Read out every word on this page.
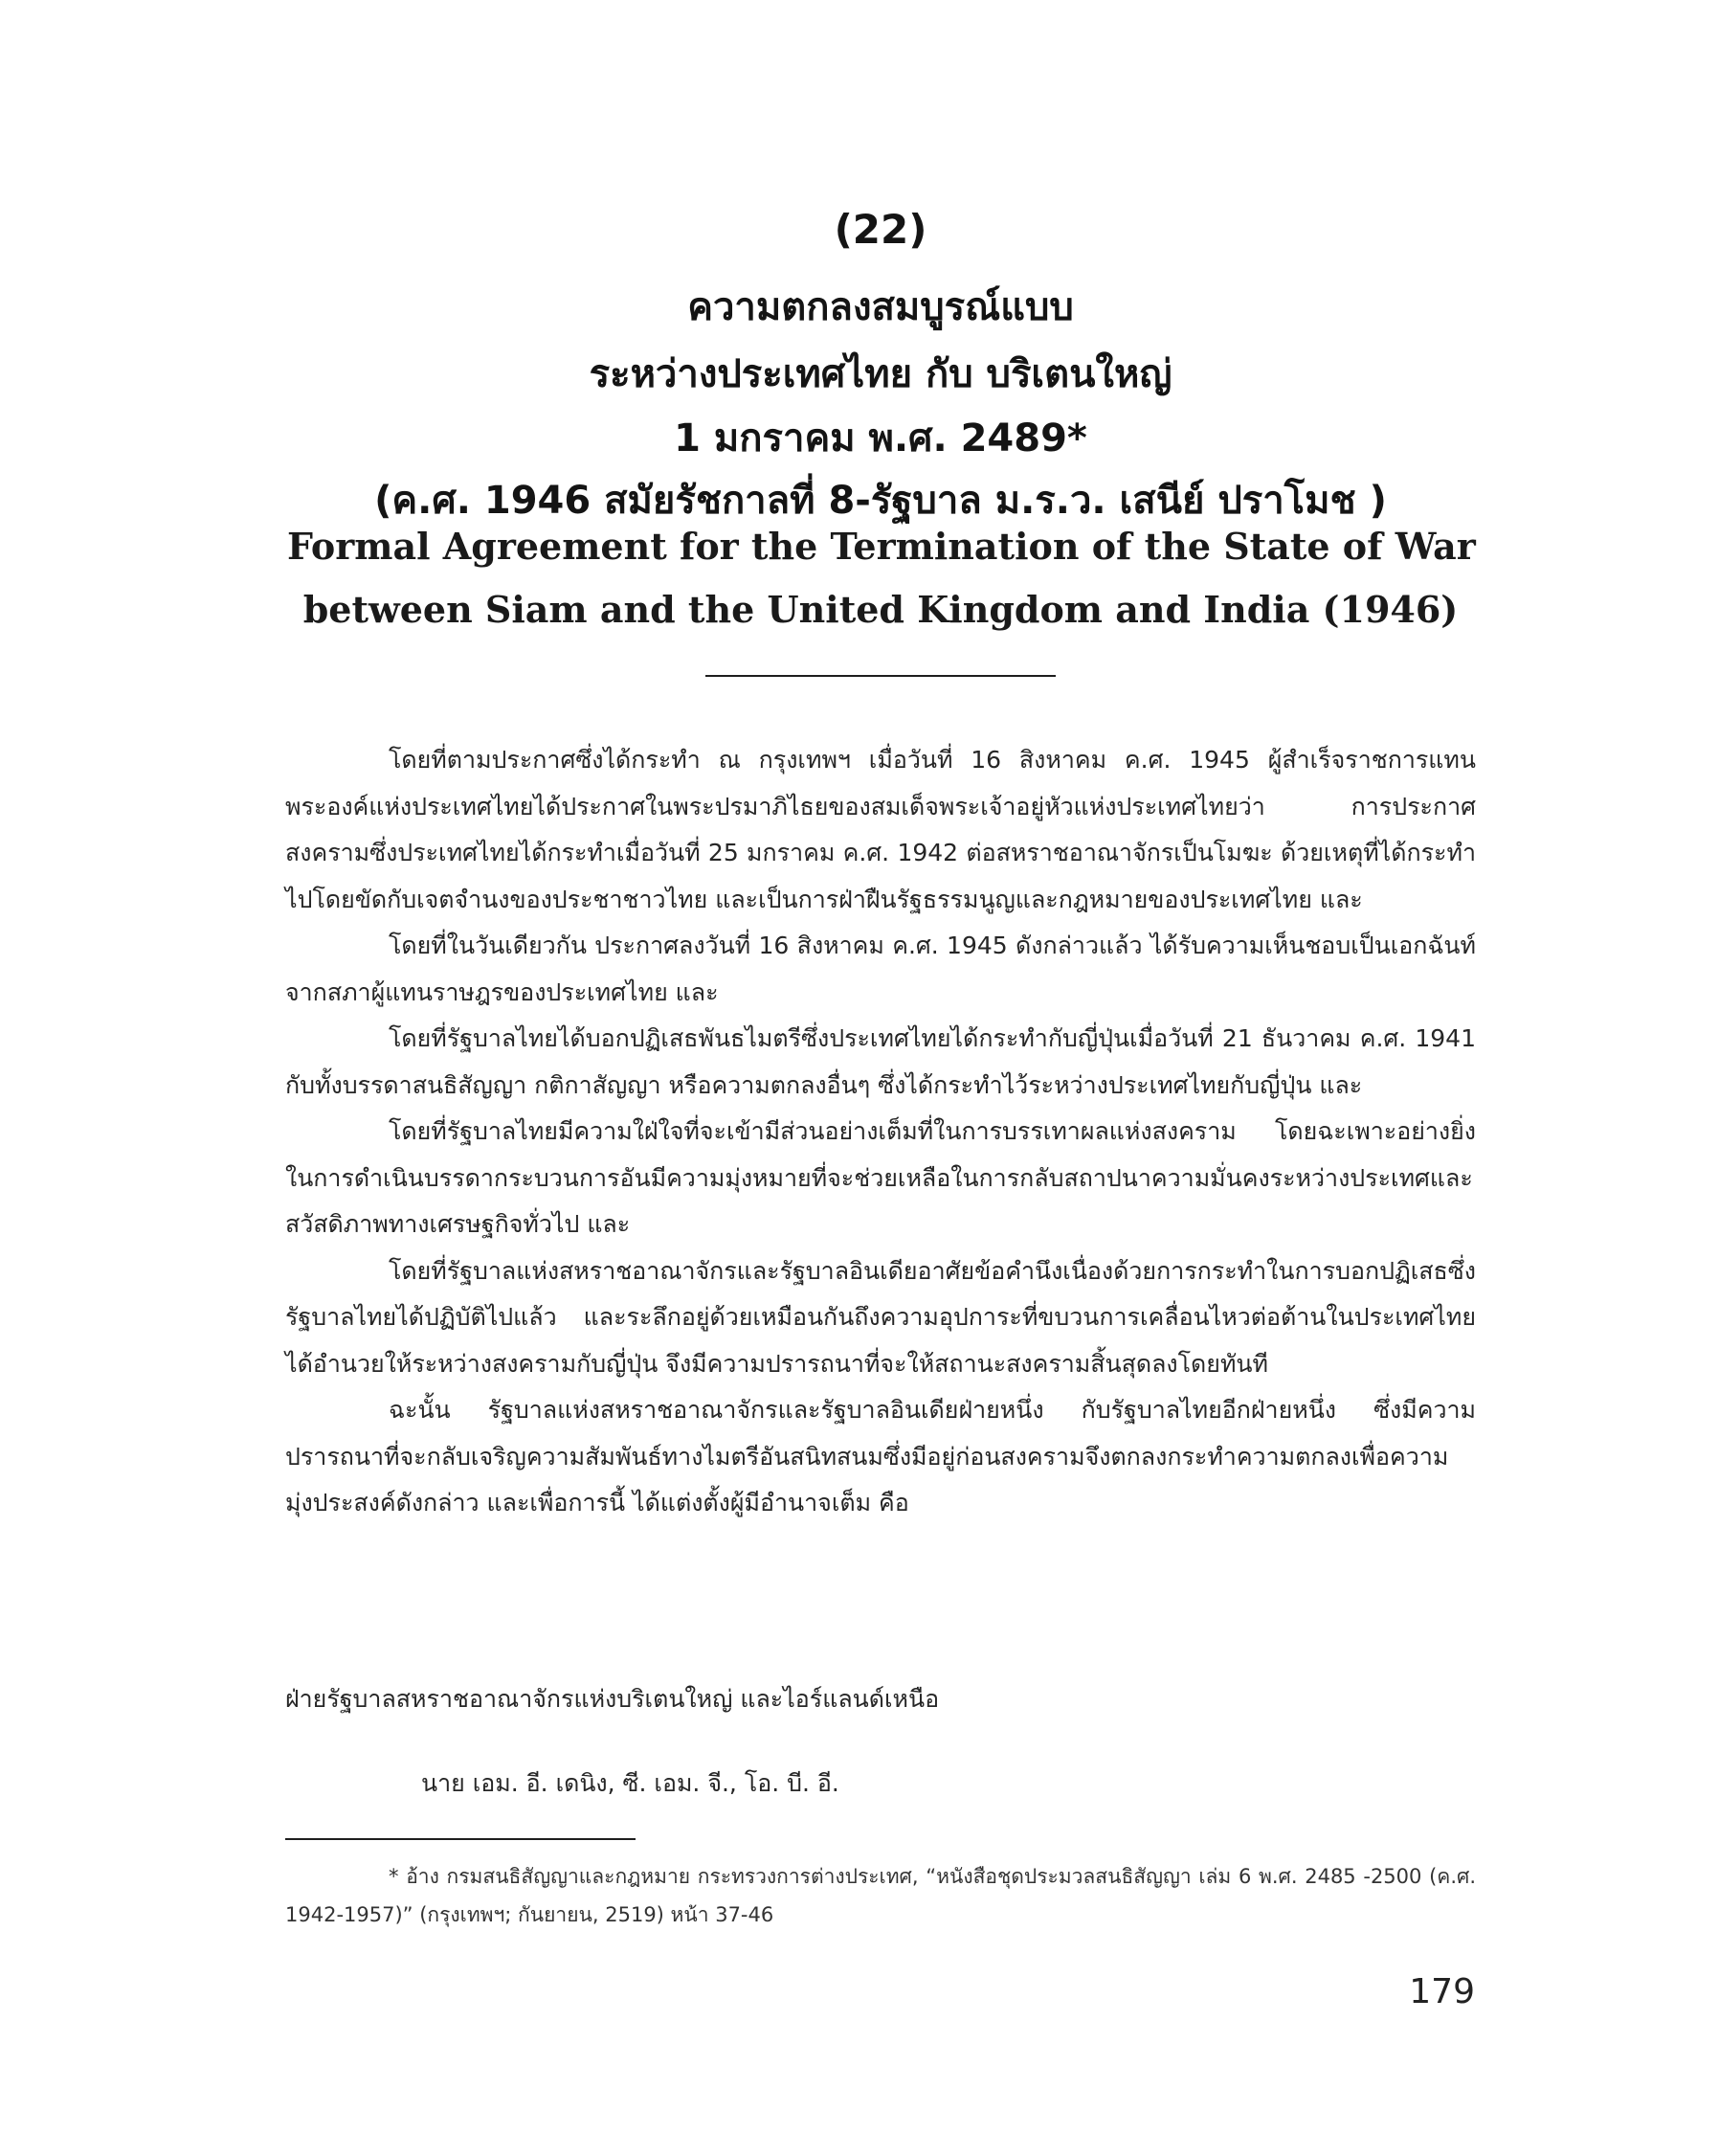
(22)
ความตกลงสมบูรณ์แบบ
ระหว่างประเทศไทย กับ บริเตนใหญ่
1 มกราคม พ.ศ. 2489*
(ค.ศ. 1946 สมัยรัชกาลที่ 8-รัฐบาล ม.ร.ว. เสนีย์ ปราโมช )
Formal Agreement for the Termination of the State of War
between Siam and the United Kingdom and India (1946)

โดยที่ตามประกาศซึ่งได้กระทำ ณ กรุงเทพฯ เมื่อวันที่ 16 สิงหาคม ค.ศ. 1945 ผู้สำเร็จราชการแทนพระองค์แห่งประเทศไทยได้ประกาศในพระปรมาภิไธยของสมเด็จพระเจ้าอยู่หัวแห่งประเทศไทยว่า การประกาศสงครามซึ่งประเทศไทยได้กระทำเมื่อวันที่ 25 มกราคม ค.ศ. 1942 ต่อสหราชอาณาจักรเป็นโมฆะ ด้วยเหตุที่ได้กระทำไปโดยขัดกับเจตจำนงของประชาชาวไทย และเป็นการฝ่าฝืนรัฐธรรมนูญและกฎหมายของประเทศไทย และ

โดยที่ในวันเดียวกัน ประกาศลงวันที่ 16 สิงหาคม ค.ศ. 1945 ดังกล่าวแล้ว ได้รับความเห็นชอบเป็นเอกฉันท์จากสภาผู้แทนราษฎรของประเทศไทย และ

โดยที่รัฐบาลไทยได้บอกปฏิเสธพันธไมตรีซึ่งประเทศไทยได้กระทำกับญี่ปุ่นเมื่อวันที่ 21 ธันวาคม ค.ศ. 1941 กับทั้งบรรดาสนธิสัญญา กติกาสัญญา หรือความตกลงอื่นๆ ซึ่งได้กระทำไว้ระหว่างประเทศไทยกับญี่ปุ่น และ

โดยที่รัฐบาลไทยมีความใฝ่ใจที่จะเข้ามีส่วนอย่างเต็มที่ในการบรรเทาผลแห่งสงคราม โดยฉะเพาะอย่างยิ่ง ในการดำเนินบรรดากระบวนการอันมีความมุ่งหมายที่จะช่วยเหลือในการกลับสถาปนาความมั่นคงระหว่างประเทศและสวัสดิภาพทางเศรษฐกิจทั่วไป และ

โดยที่รัฐบาลแห่งสหราชอาณาจักรและรัฐบาลอินเดียอาศัยข้อคำนึงเนื่องด้วยการกระทำในการบอกปฏิเสธซึ่งรัฐบาลไทยได้ปฏิบัติไปแล้ว และระลึกอยู่ด้วยเหมือนกันถึงความอุปการะที่ขบวนการเคลื่อนไหวต่อต้านในประเทศไทยได้อำนวยให้ระหว่างสงครามกับญี่ปุ่น จึงมีความปรารถนาที่จะให้สถานะสงครามสิ้นสุดลงโดยทันที

ฉะนั้น รัฐบาลแห่งสหราชอาณาจักรและรัฐบาลอินเดียฝ่ายหนึ่ง กับรัฐบาลไทยอีกฝ่ายหนึ่ง ซึ่งมีความปรารถนาที่จะกลับเจริญความสัมพันธ์ทางไมตรีอันสนิทสนมซึ่งมีอยู่ก่อนสงครามจึงตกลงกระทำความตกลงเพื่อความมุ่งประสงค์ดังกล่าว และเพื่อการนี้ ได้แต่งตั้งผู้มีอำนาจเต็ม คือ

ฝ่ายรัฐบาลสหราชอาณาจักรแห่งบริเตนใหญ่ และไอร์แลนด์เหนือ
นาย เอม. อี. เดนิง, ซี. เอม. จี., โอ. บี. อี.
* อ้าง กรมสนธิสัญญาและกฎหมาย กระทรวงการต่างประเทศ, “หนังสือชุดประมวลสนธิสัญญา เล่ม 6 พ.ศ. 2485 -2500 (ค.ศ. 1942-1957)” (กรุงเทพฯ; กันยายน, 2519) หน้า 37-46
179
